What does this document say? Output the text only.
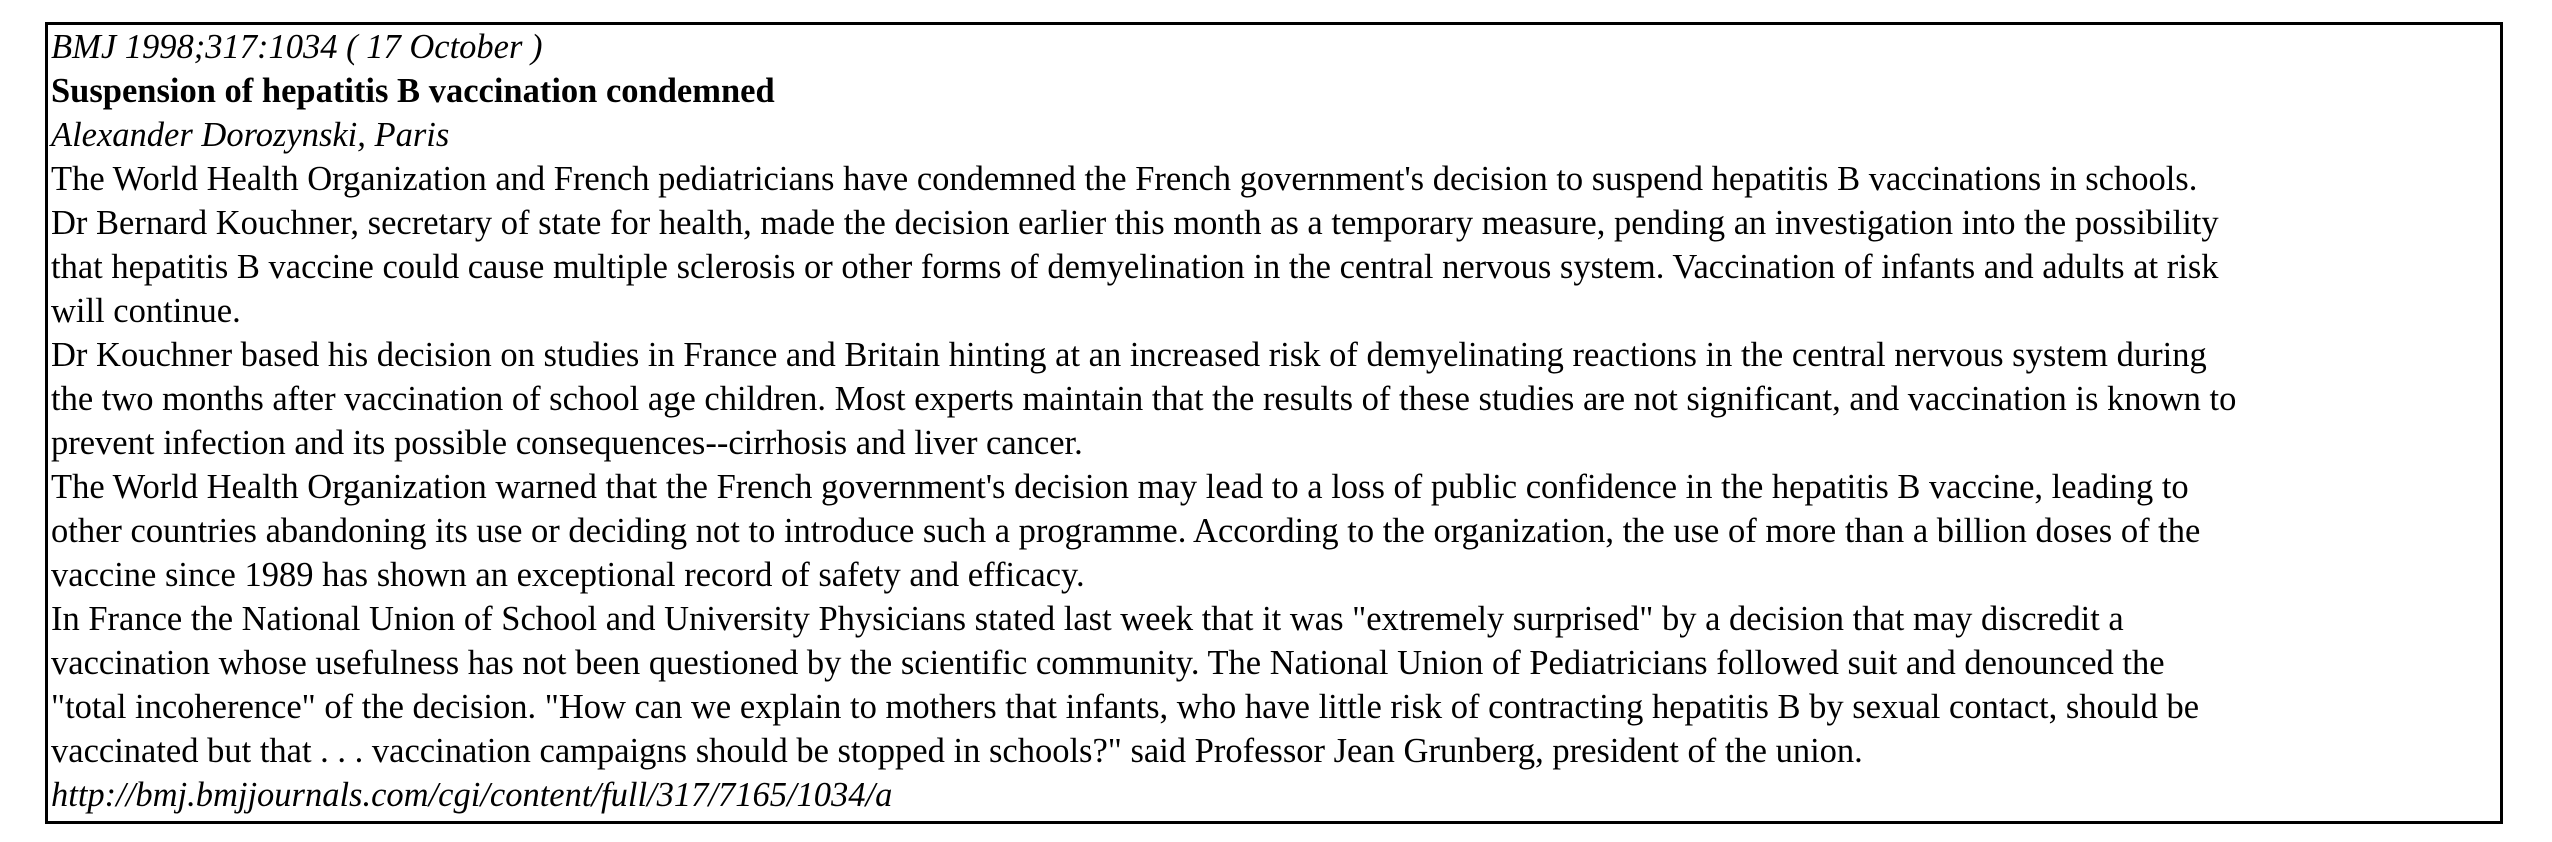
BMJ 1998;317:1034 ( 17 October )
Suspension of hepatitis B vaccination condemned
Alexander Dorozynski, Paris
The World Health Organization and French pediatricians have condemned the French government's decision to suspend hepatitis B vaccinations in schools.
Dr Bernard Kouchner, secretary of state for health, made the decision earlier this month as a temporary measure, pending an investigation into the possibility
that hepatitis B vaccine could cause multiple sclerosis or other forms of demyelination in the central nervous system. Vaccination of infants and adults at risk
will continue.
Dr Kouchner based his decision on studies in France and Britain hinting at an increased risk of demyelinating reactions in the central nervous system during
the two months after vaccination of school age children. Most experts maintain that the results of these studies are not significant, and vaccination is known to
prevent infection and its possible consequences--cirrhosis and liver cancer.
The World Health Organization warned that the French government's decision may lead to a loss of public confidence in the hepatitis B vaccine, leading to
other countries abandoning its use or deciding not to introduce such a programme. According to the organization, the use of more than a billion doses of the
vaccine since 1989 has shown an exceptional record of safety and efficacy.
In France the National Union of School and University Physicians stated last week that it was "extremely surprised" by a decision that may discredit a
vaccination whose usefulness has not been questioned by the scientific community. The National Union of Pediatricians followed suit and denounced the
"total incoherence" of the decision. "How can we explain to mothers that infants, who have little risk of contracting hepatitis B by sexual contact, should be
vaccinated but that . . . vaccination campaigns should be stopped in schools?" said Professor Jean Grunberg, president of the union.
http://bmj.bmjjournals.com/cgi/content/full/317/7165/1034/a
